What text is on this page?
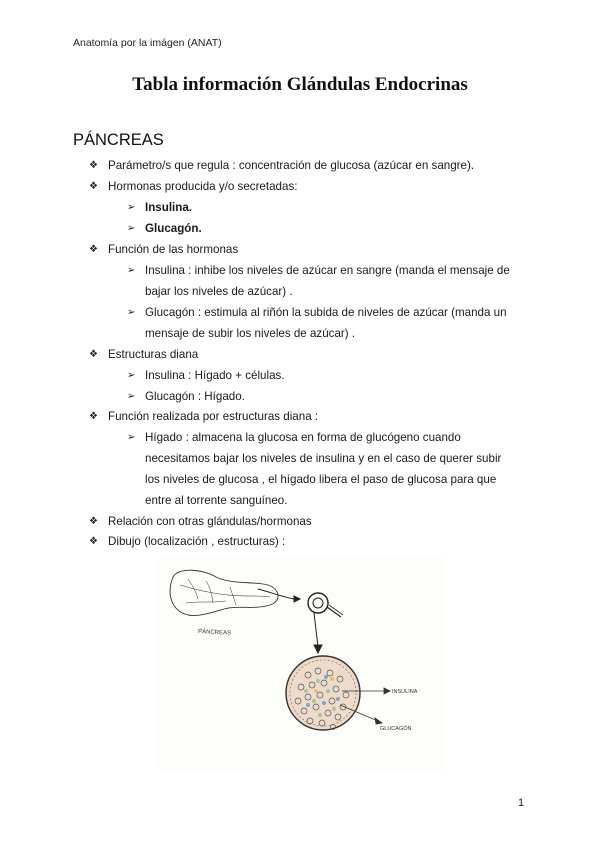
Anatomía por la imágen (ANAT)
Tabla información Glándulas Endocrinas
PÁNCREAS
❖ Parámetro/s que regula : concentración de glucosa (azúcar en sangre).
❖ Hormonas producida y/o secretadas:
➢ Insulina.
➢ Glucagón.
❖ Función de las hormonas
➢ Insulina : inhibe los niveles de azúcar en sangre (manda el mensaje de
bajar los niveles de azúcar) .
➢ Glucagón : estimula al riñón la subida de niveles de azúcar (manda un
mensaje de subir los niveles de azúcar) .
❖ Estructuras diana
➢ Insulina : Hígado + células.
➢ Glucagón : Hígado.
❖ Función realizada por estructuras diana :
➢ Hígado : almacena la glucosa en forma de glucógeno cuando
necesitamos bajar los niveles de insulina y en el caso de querer subir
los niveles de glucosa , el hígado libera el paso de glucosa para que
entre al torrente sanguíneo.
❖ Relación con otras glándulas/hormonas
❖ Dibujo (localización , estructuras) :
PÁNCREAS
INSULINA
GLUCAGÓN
1
